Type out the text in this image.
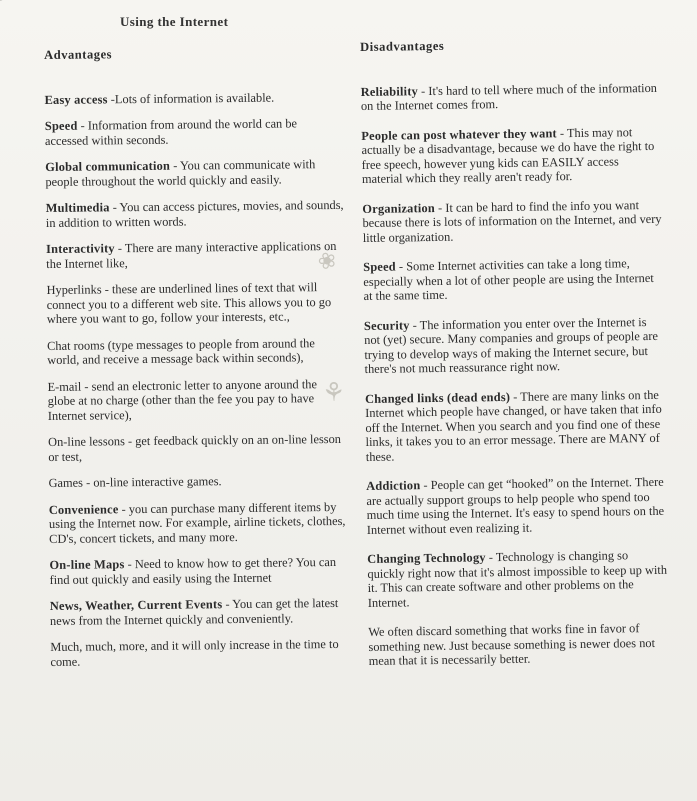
Using the Internet
Advantages
Easy access -Lots of information is available.
Speed - Information from around the world can be accessed within seconds.
Global communication - You can communicate with people throughout the world quickly and easily.
Multimedia - You can access pictures, movies, and sounds, in addition to written words.
Interactivity - There are many interactive applications on the Internet like,
Hyperlinks - these are underlined lines of text that will connect you to a different web site. This allows you to go where you want to go, follow your interests, etc.,
Chat rooms (type messages to people from around the world, and receive a message back within seconds),
E-mail - send an electronic letter to anyone around the globe at no charge (other than the fee you pay to have Internet service),
On-line lessons - get feedback quickly on an on-line lesson or test,
Games - on-line interactive games.
Convenience - you can purchase many different items by using the Internet now. For example, airline tickets, clothes, CD's, concert tickets, and many more.
On-line Maps - Need to know how to get there? You can find out quickly and easily using the Internet
News, Weather, Current Events - You can get the latest news from the Internet quickly and conveniently.
Much, much, more, and it will only increase in the time to come.
Disadvantages
Reliability - It's hard to tell where much of the information on the Internet comes from.
People can post whatever they want - This may not actually be a disadvantage, because we do have the right to free speech, however yung kids can EASILY access material which they really aren't ready for.
Organization - It can be hard to find the info you want because there is lots of information on the Internet, and very little organization.
Speed - Some Internet activities can take a long time, especially when a lot of other people are using the Internet at the same time.
Security - The information you enter over the Internet is not (yet) secure. Many companies and groups of people are trying to develop ways of making the Internet secure, but there's not much reassurance right now.
Changed links (dead ends) - There are many links on the Internet which people have changed, or have taken that info off the Internet. When you search and you find one of these links, it takes you to an error message. There are MANY of these.
Addiction - People can get “hooked” on the Internet. There are actually support groups to help people who spend too much time using the Internet. It's easy to spend hours on the Internet without even realizing it.
Changing Technology - Technology is changing so quickly right now that it's almost impossible to keep up with it. This can create software and other problems on the Internet.
We often discard something that works fine in favor of something new. Just because something is newer does not mean that it is necessarily better.
❀
⚘
